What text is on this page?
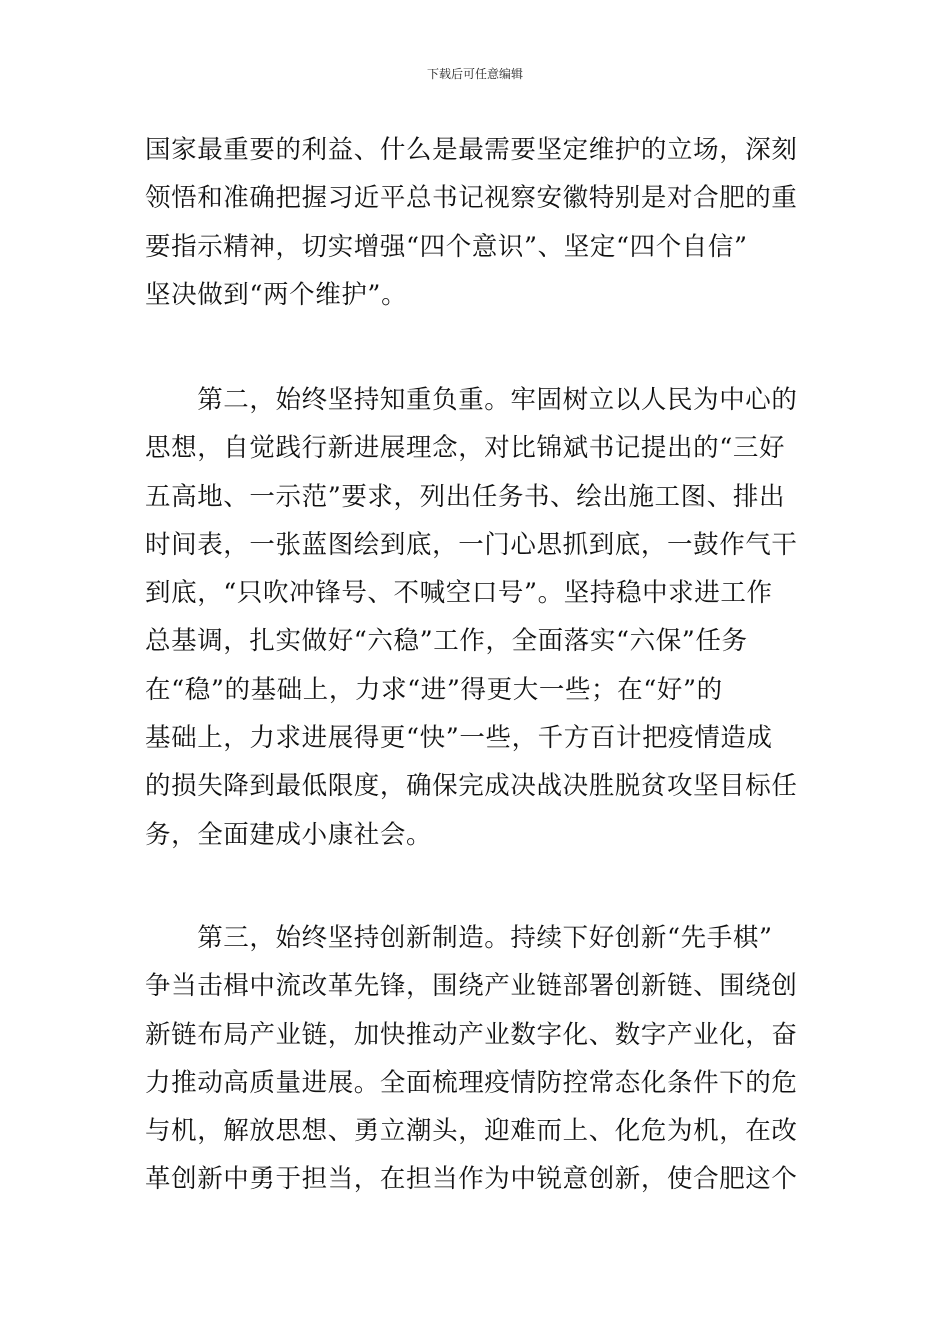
下载后可任意编辑
国家最重要的利益、什么是最需要坚定维护的立场，深刻
领悟和准确把握习近平总书记视察安徽特别是对合肥的重
要指示精神，切实增强“四个意识”、坚定“四个自信”
坚决做到“两个维护”。
　　第二，始终坚持知重负重。牢固树立以人民为中心的
思想，自觉践行新进展理念，对比锦斌书记提出的“三好
五高地、一示范”要求，列出任务书、绘出施工图、排出
时间表，一张蓝图绘到底，一门心思抓到底，一鼓作气干
到底，“只吹冲锋号、不喊空口号”。坚持稳中求进工作
总基调，扎实做好“六稳”工作，全面落实“六保”任务
在“稳”的基础上，力求“进”得更大一些；在“好”的
基础上，力求进展得更“快”一些，千方百计把疫情造成
的损失降到最低限度，确保完成决战决胜脱贫攻坚目标任
务，全面建成小康社会。
　　第三，始终坚持创新制造。持续下好创新“先手棋”
争当击楫中流改革先锋，围绕产业链部署创新链、围绕创
新链布局产业链，加快推动产业数字化、数字产业化，奋
力推动高质量进展。全面梳理疫情防控常态化条件下的危
与机，解放思想、勇立潮头，迎难而上、化危为机，在改
革创新中勇于担当，在担当作为中锐意创新，使合肥这个
